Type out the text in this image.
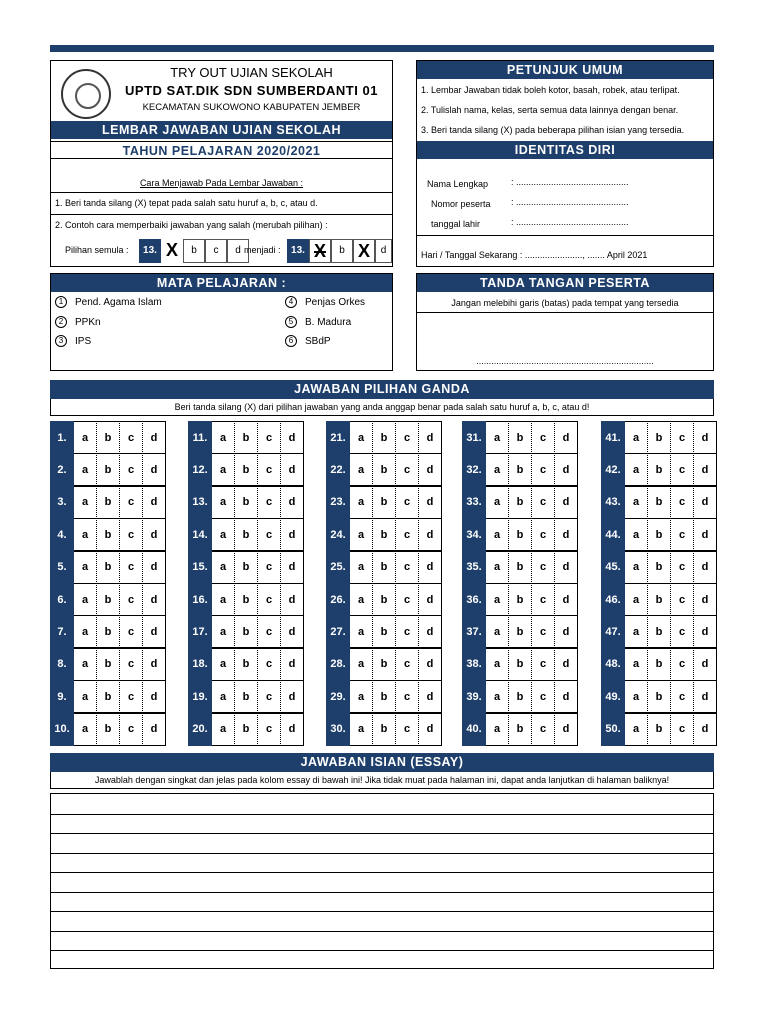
TRY OUT UJIAN SEKOLAH
UPTD SAT.DIK SDN SUMBERDANTI 01
KECAMATAN SUKOWONO KABUPATEN JEMBER
LEMBAR JAWABAN UJIAN SEKOLAH
TAHUN PELAJARAN 2020/2021
Cara Menjawab Pada Lembar Jawaban :
1. Beri tanda silang (X) tepat pada salah satu huruf a, b, c, atau d.
2. Contoh cara memperbaiki jawaban yang salah (merubah pilihan) :
Pilihan semula :	13. X	b	c	d menjadi :	13. X	b X	d
PETUNJUK UMUM
1. Lembar Jawaban tidak boleh kotor, basah, robek, atau terlipat.
2. Tulislah nama, kelas, serta semua data lainnya dengan benar.
3. Beri tanda silang (X) pada beberapa pilihan isian yang tersedia.
IDENTITAS DIRI
Nama Lengkap	: .............................................
Nomor peserta : .............................................
tanggal lahir	: .............................................
Hari / Tanggal Sekarang : ......................., ....... April 2021
MATA PELAJARAN :
1	Pend. Agama Islam
2	PPKn
3	IPS
4	Penjas Orkes
5	B. Madura
6	SBdP
TANDA TANGAN PESERTA
Jangan melebihi garis (batas) pada tempat yang tersedia
.......................................................................
JAWABAN PILIHAN GANDA
Beri tanda silang (X) dari pilihan jawaban yang anda anggap benar pada salah satu huruf a, b, c, atau d!
1.	a	b	c	d
2.	a	b	c	d
3.	a	b	c	d
4.	a	b	c	d
5.	a	b	c	d
6.	a	b	c	d
7.	a	b	c	d
8.	a	b	c	d
9.	a	b	c	d
10.	a	b	c	d
11.	a	b	c	d
12.	a	b	c	d
13.	a	b	c	d
14.	a	b	c	d
15.	a	b	c	d
16.	a	b	c	d
17.	a	b	c	d
18.	a	b	c	d
19.	a	b	c	d
20.	a	b	c	d
21.	a	b	c	d
22.	a	b	c	d
23.	a	b	c	d
24.	a	b	c	d
25.	a	b	c	d
26.	a	b	c	d
27.	a	b	c	d
28.	a	b	c	d
29.	a	b	c	d
30.	a	b	c	d
31.	a	b	c	d
32.	a	b	c	d
33.	a	b	c	d
34.	a	b	c	d
35.	a	b	c	d
36.	a	b	c	d
37.	a	b	c	d
38.	a	b	c	d
39.	a	b	c	d
40.	a	b	c	d
41.	a	b	c	d
42.	a	b	c	d
43.	a	b	c	d
44.	a	b	c	d
45.	a	b	c	d
46.	a	b	c	d
47.	a	b	c	d
48.	a	b	c	d
49.	a	b	c	d
50.	a	b	c	d
JAWABAN ISIAN (ESSAY)
Jawablah dengan singkat dan jelas pada kolom essay di bawah ini! Jika tidak muat pada halaman ini, dapat anda lanjutkan di halaman baliknya!
